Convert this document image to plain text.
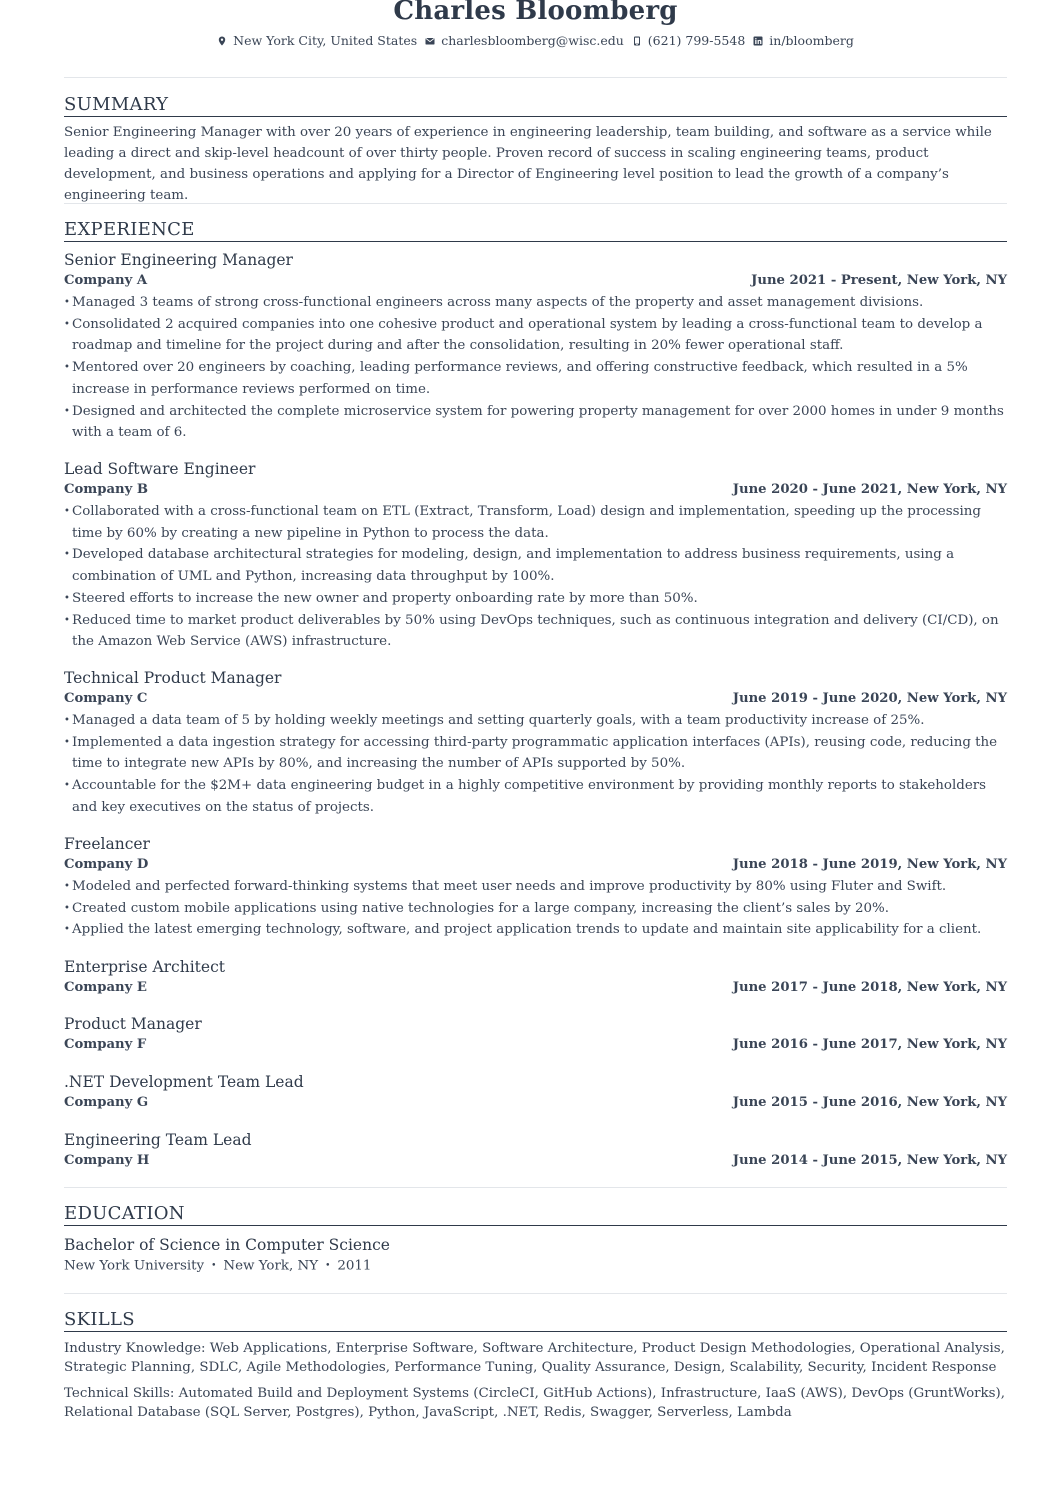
Charles Bloomberg
New York City, United States charlesbloomberg@wisc.edu (621) 799-5548 in/bloomberg
SUMMARY
Senior Engineering Manager with over 20 years of experience in engineering leadership, team building, and software as a service while leading a direct and skip-level headcount of over thirty people. Proven record of success in scaling engineering teams, product development, and business operations and applying for a Director of Engineering level position to lead the growth of a company’s engineering team.
EXPERIENCE
Senior Engineering Manager
Company A	June 2021 - Present, New York, NY
• Managed 3 teams of strong cross-functional engineers across many aspects of the property and asset management divisions.
• Consolidated 2 acquired companies into one cohesive product and operational system by leading a cross-functional team to develop a roadmap and timeline for the project during and after the consolidation, resulting in 20% fewer operational staff.
• Mentored over 20 engineers by coaching, leading performance reviews, and offering constructive feedback, which resulted in a 5% increase in performance reviews performed on time.
• Designed and architected the complete microservice system for powering property management for over 2000 homes in under 9 months with a team of 6.
Lead Software Engineer
Company B	June 2020 - June 2021, New York, NY
• Collaborated with a cross-functional team on ETL (Extract, Transform, Load) design and implementation, speeding up the processing time by 60% by creating a new pipeline in Python to process the data.
• Developed database architectural strategies for modeling, design, and implementation to address business requirements, using a combination of UML and Python, increasing data throughput by 100%.
• Steered efforts to increase the new owner and property onboarding rate by more than 50%.
• Reduced time to market product deliverables by 50% using DevOps techniques, such as continuous integration and delivery (CI/CD), on the Amazon Web Service (AWS) infrastructure.
Technical Product Manager
Company C	June 2019 - June 2020, New York, NY
• Managed a data team of 5 by holding weekly meetings and setting quarterly goals, with a team productivity increase of 25%.
• Implemented a data ingestion strategy for accessing third-party programmatic application interfaces (APIs), reusing code, reducing the time to integrate new APIs by 80%, and increasing the number of APIs supported by 50%.
• Accountable for the $2M+ data engineering budget in a highly competitive environment by providing monthly reports to stakeholders and key executives on the status of projects.
Freelancer
Company D	June 2018 - June 2019, New York, NY
• Modeled and perfected forward-thinking systems that meet user needs and improve productivity by 80% using Fluter and Swift.
• Created custom mobile applications using native technologies for a large company, increasing the client’s sales by 20%.
• Applied the latest emerging technology, software, and project application trends to update and maintain site applicability for a client.
Enterprise Architect
Company E	June 2017 - June 2018, New York, NY
Product Manager
Company F	June 2016 - June 2017, New York, NY
.NET Development Team Lead
Company G	June 2015 - June 2016, New York, NY
Engineering Team Lead
Company H	June 2014 - June 2015, New York, NY
EDUCATION
Bachelor of Science in Computer Science
New York University • New York, NY • 2011
SKILLS

Industry Knowledge: Web Applications, Enterprise Software, Software Architecture, Product Design Methodologies, Operational Analysis, Strategic Planning, SDLC, Agile Methodologies, Performance Tuning, Quality Assurance, Design, Scalability, Security, Incident Response

Technical Skills: Automated Build and Deployment Systems (CircleCI, GitHub Actions), Infrastructure, IaaS (AWS), DevOps (GruntWorks), Relational Database (SQL Server, Postgres), Python, JavaScript, .NET, Redis, Swagger, Serverless, Lambda
